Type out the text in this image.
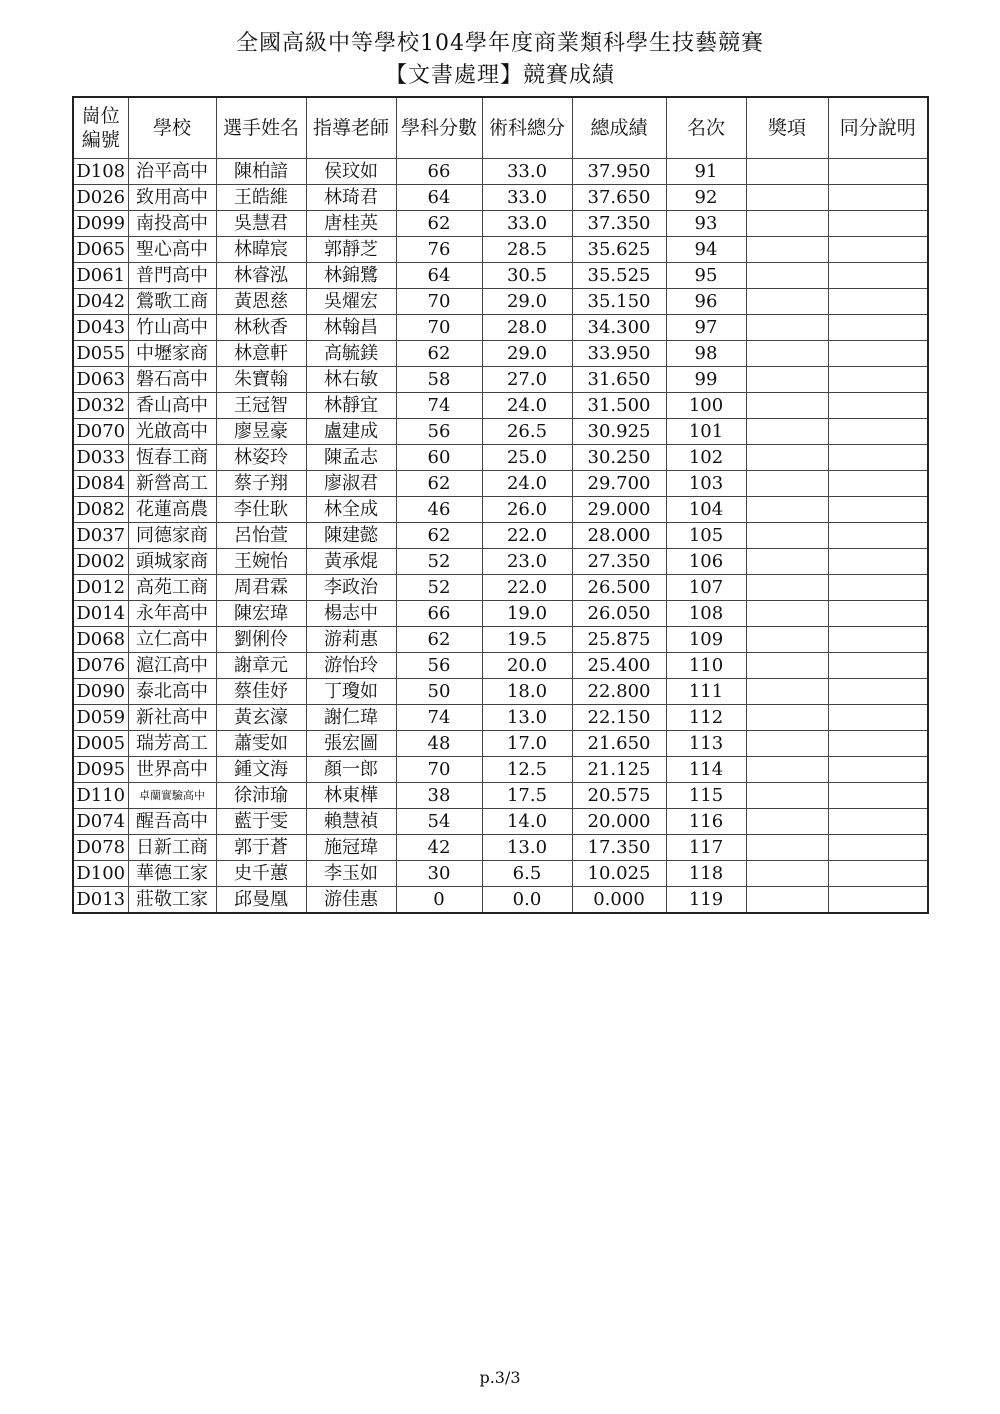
全國高級中等學校104學年度商業類科學生技藝競賽
【文書處理】競賽成績
崗位
編號	學校	選手姓名	指導老師	學科分數	術科總分	總成績	名次	獎項	同分說明
D108	治平高中	陳柏諳	侯玟如	66	33.0	37.950	91		
D026	致用高中	王皓維	林琦君	64	33.0	37.650	92		
D099	南投高中	吳慧君	唐桂英	62	33.0	37.350	93		
D065	聖心高中	林暐宸	郭靜芝	76	28.5	35.625	94		
D061	普門高中	林睿泓	林錦鷺	64	30.5	35.525	95		
D042	鶯歌工商	黃恩慈	吳燿宏	70	29.0	35.150	96		
D043	竹山高中	林秋香	林翰昌	70	28.0	34.300	97		
D055	中壢家商	林意軒	高毓鎂	62	29.0	33.950	98		
D063	磐石高中	朱寶翰	林右敏	58	27.0	31.650	99		
D032	香山高中	王冠智	林靜宜	74	24.0	31.500	100		
D070	光啟高中	廖昱豪	盧建成	56	26.5	30.925	101		
D033	恆春工商	林姿玲	陳孟志	60	25.0	30.250	102		
D084	新營高工	蔡子翔	廖淑君	62	24.0	29.700	103		
D082	花蓮高農	李仕耿	林全成	46	26.0	29.000	104		
D037	同德家商	呂怡萱	陳建懿	62	22.0	28.000	105		
D002	頭城家商	王婉怡	黃承焜	52	23.0	27.350	106		
D012	高苑工商	周君霖	李政治	52	22.0	26.500	107		
D014	永年高中	陳宏瑋	楊志中	66	19.0	26.050	108		
D068	立仁高中	劉俐伶	游莉惠	62	19.5	25.875	109		
D076	滬江高中	謝章元	游怡玲	56	20.0	25.400	110		
D090	泰北高中	蔡佳妤	丁瓊如	50	18.0	22.800	111		
D059	新社高中	黃玄濠	謝仁瑋	74	13.0	22.150	112		
D005	瑞芳高工	蕭雯如	張宏圖	48	17.0	21.650	113		
D095	世界高中	鍾文海	顏一郎	70	12.5	21.125	114		
D110	卓蘭實驗高中	徐沛瑜	林東樺	38	17.5	20.575	115		
D074	醒吾高中	藍于雯	賴慧禎	54	14.0	20.000	116		
D078	日新工商	郭于蒼	施冠瑋	42	13.0	17.350	117		
D100	華德工家	史千蕙	李玉如	30	6.5	10.025	118		
D013	莊敬工家	邱曼凰	游佳惠	0	0.0	0.000	119		
p.3/3
